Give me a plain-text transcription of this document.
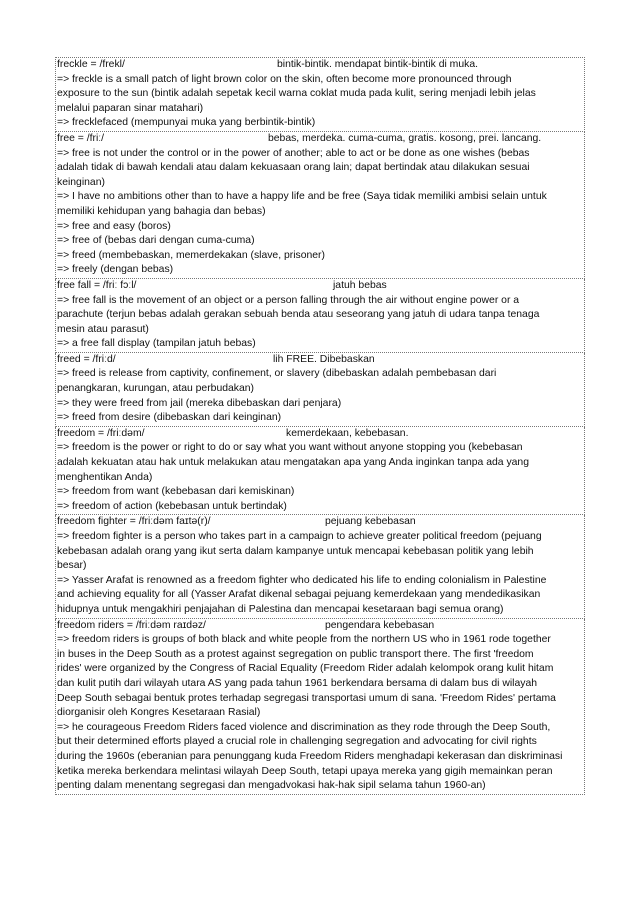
freckle = /frekl/	bintik-bintik. mendapat bintik-bintik di muka.
=> freckle is a small patch of light brown color on the skin, often become more pronounced through
exposure to the sun (bintik adalah sepetak kecil warna coklat muda pada kulit, sering menjadi lebih jelas
melalui paparan sinar matahari)
=> frecklefaced (mempunyai muka yang berbintik-bintik)
free = /friː/	bebas, merdeka. cuma-cuma, gratis. kosong, prei. lancang.
=> free is not under the control or in the power of another; able to act or be done as one wishes (bebas
adalah tidak di bawah kendali atau dalam kekuasaan orang lain; dapat bertindak atau dilakukan sesuai
keinginan)
=> I have no ambitions other than to have a happy life and be free (Saya tidak memiliki ambisi selain untuk
memiliki kehidupan yang bahagia dan bebas)
=> free and easy (boros)
=> free of (bebas dari dengan cuma-cuma)
=> freed (membebaskan, memerdekakan (slave, prisoner)
=> freely (dengan bebas)
free fall = /friː fɔːl/	jatuh bebas
=> free fall is the movement of an object or a person falling through the air without engine power or a
parachute (terjun bebas adalah gerakan sebuah benda atau seseorang yang jatuh di udara tanpa tenaga
mesin atau parasut)
=> a free fall display (tampilan jatuh bebas)
freed = /friːd/	lih FREE. Dibebaskan
=> freed is release from captivity, confinement, or slavery (dibebaskan adalah pembebasan dari
penangkaran, kurungan, atau perbudakan)
=> they were freed from jail (mereka dibebaskan dari penjara)
=> freed from desire (dibebaskan dari keinginan)
freedom = /friːdəm/	kemerdekaan, kebebasan.
=> freedom is the power or right to do or say what you want without anyone stopping you (kebebasan
adalah kekuatan atau hak untuk melakukan atau mengatakan apa yang Anda inginkan tanpa ada yang
menghentikan Anda)
=> freedom from want (kebebasan dari kemiskinan)
=> freedom of action (kebebasan untuk bertindak)
freedom fighter = /friːdəm faɪtə(r)/	pejuang kebebasan
=> freedom fighter is a person who takes part in a campaign to achieve greater political freedom (pejuang
kebebasan adalah orang yang ikut serta dalam kampanye untuk mencapai kebebasan politik yang lebih
besar)
=> Yasser Arafat is renowned as a freedom fighter who dedicated his life to ending colonialism in Palestine
and achieving equality for all (Yasser Arafat dikenal sebagai pejuang kemerdekaan yang mendedikasikan
hidupnya untuk mengakhiri penjajahan di Palestina dan mencapai kesetaraan bagi semua orang)
freedom riders = /friːdəm raɪdəz/	pengendara kebebasan
=> freedom riders is groups of both black and white people from the northern US who in 1961 rode together
in buses in the Deep South as a protest against segregation on public transport there. The first 'freedom
rides' were organized by the Congress of Racial Equality (Freedom Rider adalah kelompok orang kulit hitam
dan kulit putih dari wilayah utara AS yang pada tahun 1961 berkendara bersama di dalam bus di wilayah
Deep South sebagai bentuk protes terhadap segregasi transportasi umum di sana. 'Freedom Rides' pertama
diorganisir oleh Kongres Kesetaraan Rasial)
=> he courageous Freedom Riders faced violence and discrimination as they rode through the Deep South,
but their determined efforts played a crucial role in challenging segregation and advocating for civil rights
during the 1960s (eberanian para penunggang kuda Freedom Riders menghadapi kekerasan dan diskriminasi
ketika mereka berkendara melintasi wilayah Deep South, tetapi upaya mereka yang gigih memainkan peran
penting dalam menentang segregasi dan mengadvokasi hak-hak sipil selama tahun 1960-an)
